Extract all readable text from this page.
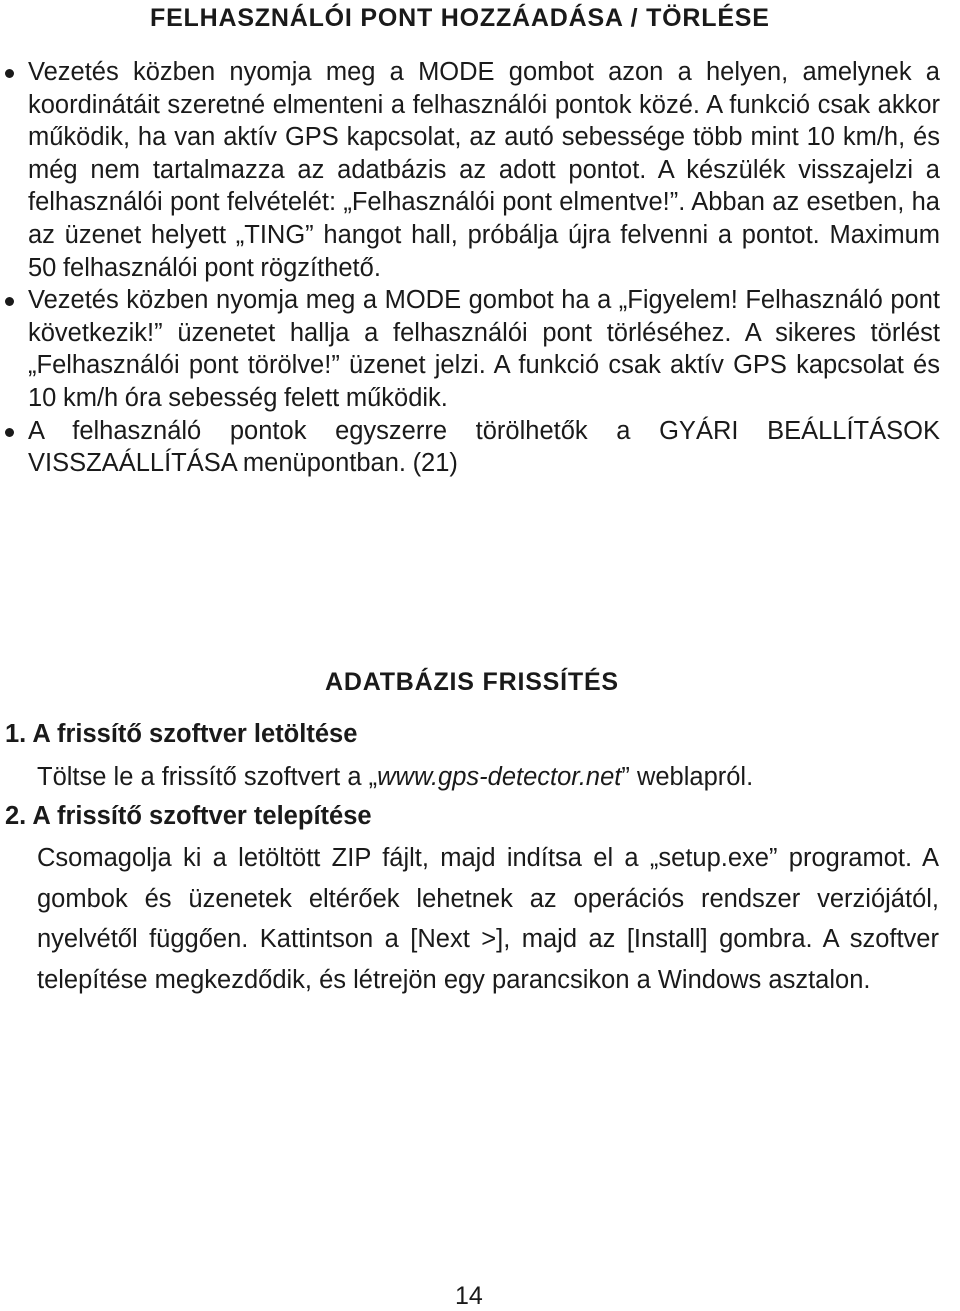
FELHASZNÁLÓI PONT HOZZÁADÁSA / TÖRLÉSE
Vezetés közben nyomja meg a MODE gombot azon a helyen, amelynek a koordinátáit szeretné elmenteni a felhasználói pontok közé. A funkció csak akkor működik, ha van aktív GPS kapcsolat, az autó sebessége több mint 10 km/h, és még nem tartalmazza az adatbázis az adott pontot. A készülék visszajelzi a felhasználói pont felvételét: „Felhasználói pont elmentve!”. Abban az esetben, ha az üzenet helyett „TING” hangot hall, próbálja újra felvenni a pontot. Maximum 50 felhasználói pont rögzíthető.
Vezetés közben nyomja meg a MODE gombot ha a „Figyelem! Felhasználó pont következik!” üzenetet hallja a felhasználói pont törléséhez. A sikeres törlést „Felhasználói pont törölve!” üzenet jelzi. A funkció csak aktív GPS kapcsolat és 10 km/h óra sebesség felett működik.
A felhasználó pontok egyszerre törölhetők a GYÁRI BEÁLLÍTÁSOK VISSZAÁLLÍTÁSA menüpontban. (21)
ADATBÁZIS FRISSÍTÉS
1. A frissítő szoftver letöltése
Töltse le a frissítő szoftvert a „www.gps-detector.net” weblapról.
2. A frissítő szoftver telepítése
Csomagolja ki a letöltött ZIP fájlt, majd indítsa el a „setup.exe” programot. A gombok és üzenetek eltérőek lehetnek az operációs rendszer verziójától, nyelvétől függően. Kattintson a [Next >], majd az [Install] gombra. A szoftver telepítése megkezdődik, és létrejön egy parancsikon a Windows asztalon.
14
